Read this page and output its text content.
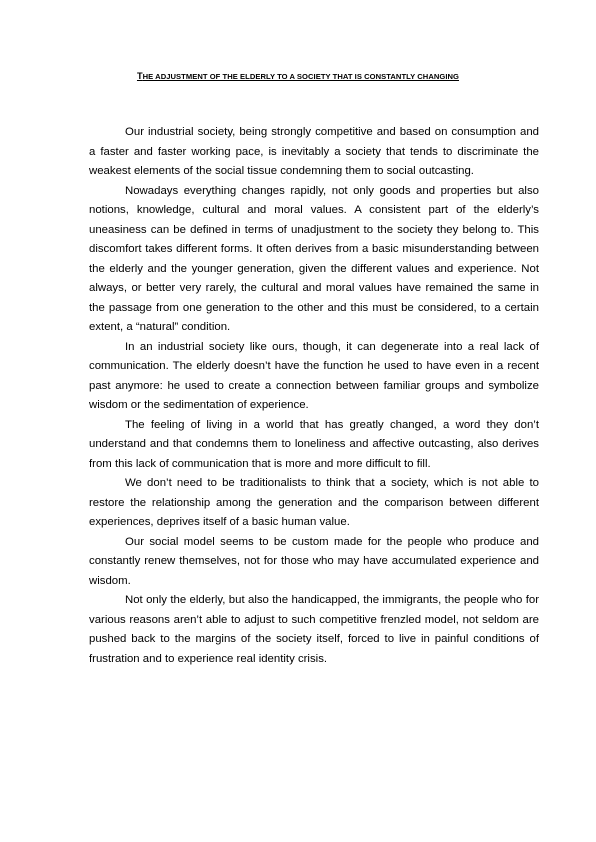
THE ADJUSTMENT OF THE ELDERLY TO A SOCIETY THAT IS CONSTANTLY CHANGING

Our industrial society, being strongly competitive and based on consumption and a faster and faster working pace, is inevitably a society that tends to discriminate the weakest elements of the social tissue condemning them to social outcasting.

Nowadays everything changes rapidly, not only goods and properties but also notions, knowledge, cultural and moral values. A consistent part of the elderly’s uneasiness can be defined in terms of unadjustment to the society they belong to. This discomfort takes different forms. It often derives from a basic misunderstanding between the elderly and the younger generation, given the different values and experience. Not always, or better very rarely, the cultural and moral values have remained the same in the passage from one generation to the other and this must be considered, to a certain extent, a “natural” condition.

In an industrial society like ours, though, it can degenerate into a real lack of communication. The elderly doesn’t have the function he used to have even in a recent past anymore: he used to create a connection between familiar groups and symbolize wisdom or the sedimentation of experience.

The feeling of living in a world that has greatly changed, a word they don’t understand and that condemns them to loneliness and affective outcasting, also derives from this lack of communication that is more and more difficult to fill.

We don’t need to be traditionalists to think that a society, which is not able to restore the relationship among the generation and the comparison between different experiences, deprives itself of a basic human value.

Our social model seems to be custom made for the people who produce and constantly renew themselves, not for those who may have accumulated experience and wisdom.

Not only the elderly, but also the handicapped, the immigrants, the people who for various reasons aren’t able to adjust to such competitive frenzled model, not seldom are pushed back to the margins of the society itself, forced to live in painful conditions of frustration and to experience real identity crisis.
